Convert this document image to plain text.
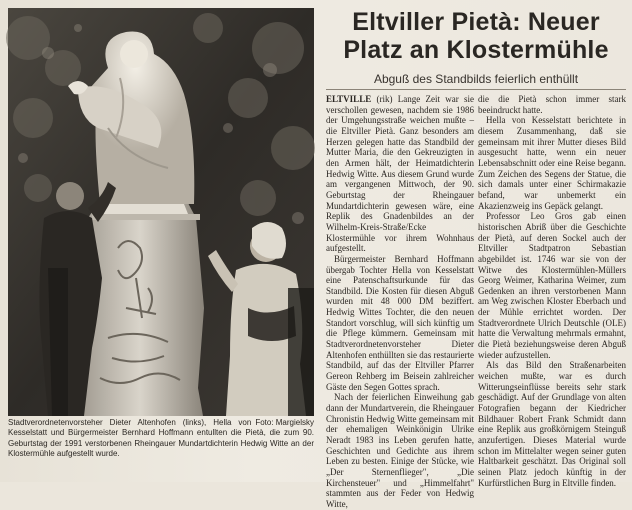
Foto: Margielsky
Stadtverordnetenvorsteher Dieter Altenhofen (links), Hella von Kesselstatt und Bürgermeister Bernhard Hoffmann entullten die Pietà, die zum 90. Geburtstag der 1991 verstorbenen Rheingauer Mundartdichterin Hedwig Witte an der Klostermühle aufgestellt wurde.
Eltviller Pietà: Neuer
Platz an Klostermühle
Abguß des Standbilds feierlich enthüllt

ELTVILLE (rik) Lange Zeit war sie verschollen gewesen, nachdem sie 1986 der Umgehungsstraße weichen mußte – die Eltviller Pietà. Ganz besonders am Herzen gelegen hatte das Standbild der Mutter Maria, die den Gekreuzigten in den Armen hält, der Heimatdichterin Hedwig Witte. Aus diesem Grund wurde am vergangenen Mittwoch, der 90. Geburtstag der Rheingauer Mundartdichterin gewesen wäre, eine Replik des Gnadenbildes an der Wilhelm-Kreis-Straße/Ecke Klostermühle vor ihrem Wohnhaus aufgestellt.

Bürgermeister Bernhard Hoffmann übergab Tochter Hella von Kesselstatt eine Patenschaftsurkunde für das Standbild. Die Kosten für diesen Abguß wurden mit 48 000 DM beziffert. Hedwig Wittes Tochter, die den neuen Standort vorschlug, will sich künftig um die Pflege kümmern. Gemeinsam mit Stadtverordnetenvorsteher Dieter Altenhofen enthüllten sie das restaurierte Standbild, auf das der Eltviller Pfarrer Gereon Rehberg im Beisein zahlreicher Gäste den Segen Gottes sprach.

Nach der feierlichen Einweihung gab dann der Mundartverein, die Rheingauer Chronistin Hedwig Witte gemeinsam mit der ehemaligen Weinkönigin Ulrike Neradt 1983 ins Leben gerufen hatte, Geschichten und Gedichte aus ihrem Leben zu besten. Einige der Stücke, wie „Der Sternenflieger", „Die Kirchensteuer" und „Himmelfahrt" stammten aus der Feder von Hedwig Witte,

die die Pietà schon immer stark beeindruckt hatte.

Hella von Kesselstatt berichtete in diesem Zusammenhang, daß sie gemeinsam mit ihrer Mutter dieses Bild ausgesucht hatte, wenn ein neuer Lebensabschnitt oder eine Reise begann. Zum Zeichen des Segens der Statue, die sich damals unter einer Schirmakazie befand, war unbemerkt ein Akazienzweig ins Gepäck gelangt.

Professor Leo Gros gab einen historischen Abriß über die Geschichte der Pietà, auf deren Sockel auch der Eltviller Stadtpatron Sebastian abgebildet ist. 1746 war sie von der Witwe des Klostermühlen-Müllers Georg Weimer, Katharina Weimer, zum Gedenken an ihren verstorbenen Mann am Weg zwischen Kloster Eberbach und der Mühle errichtet worden. Der Stadtverordnete Ulrich Deutschle (OLE) hatte die Verwaltung mehrmals ermahnt, die Pietà beziehungsweise deren Abguß wieder aufzustellen.

Als das Bild den Straßenarbeiten weichen mußte, war es durch Witterungseinflüsse bereits sehr stark geschädigt. Auf der Grundlage von alten Fotografien begann der Kiedricher Bildhauer Robert Frank Schmidt dann eine Replik aus großkörnigem Steinguß anzufertigen. Dieses Material wurde schon im Mittelalter wegen seiner guten Haltbarkeit geschätzt. Das Original soll seinen Platz jedoch künftig in der Kurfürstlichen Burg in Eltville finden.
